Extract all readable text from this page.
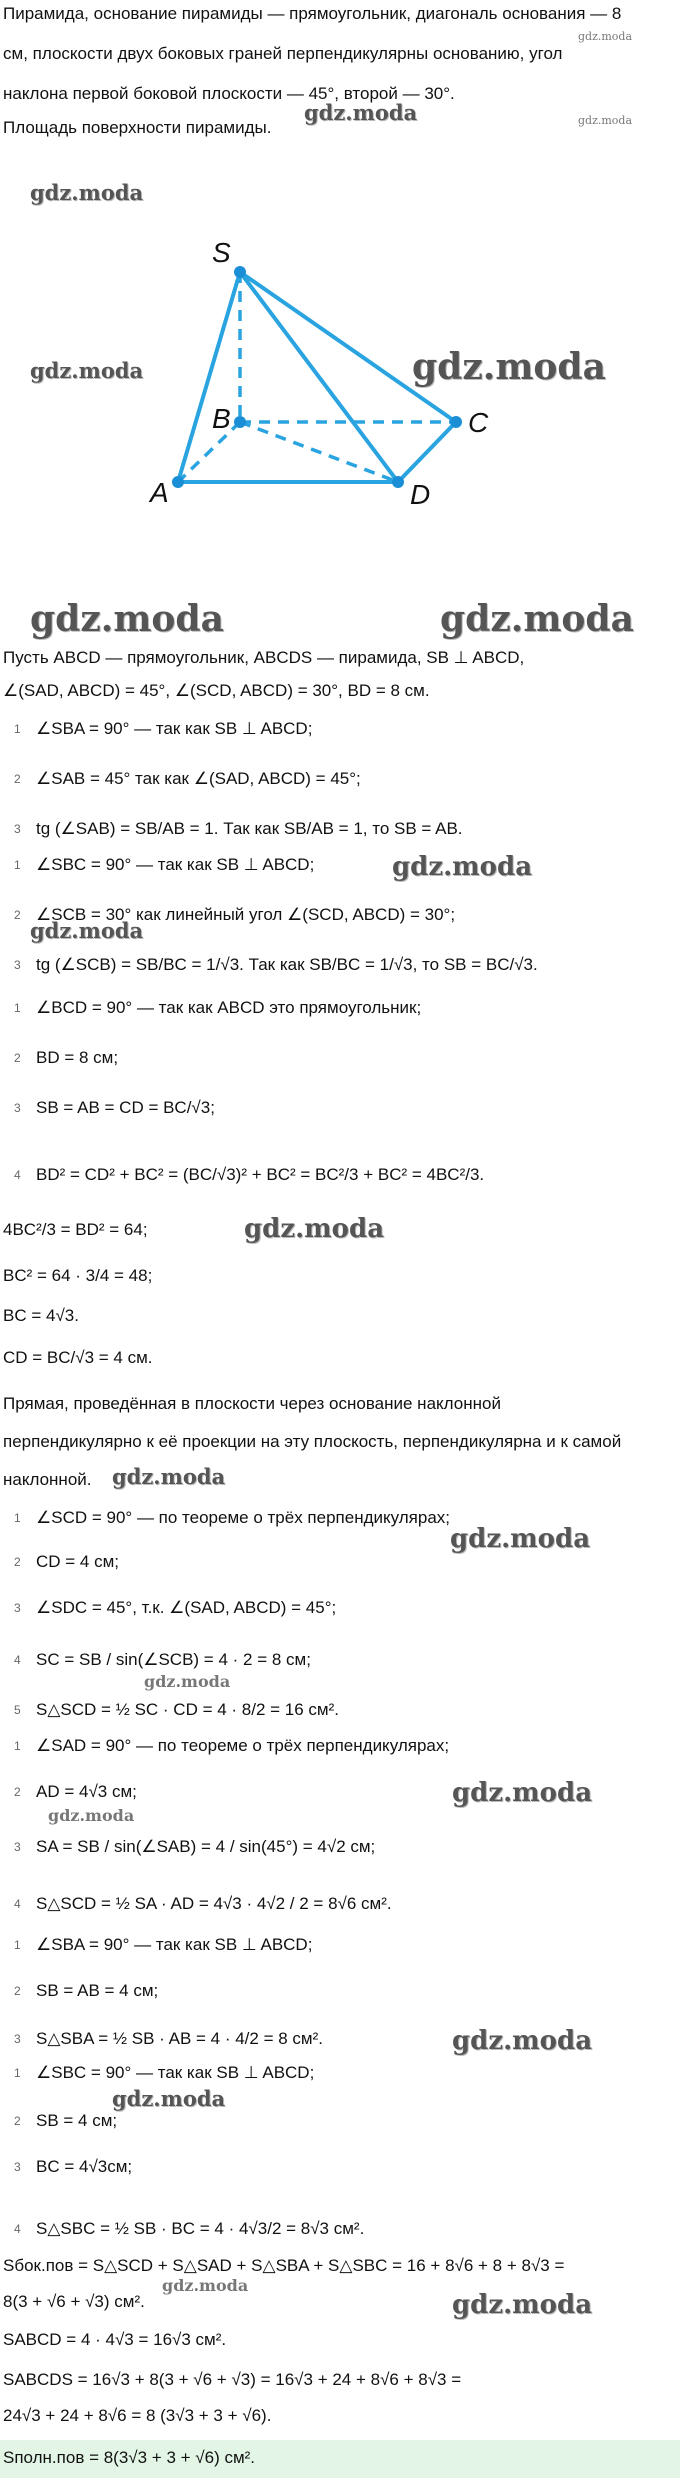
Пирамида, основание пирамиды — прямоугольник, диагональ основания — 8
см, плоскости двух боковых граней перпендикулярны основанию, угол
наклона первой боковой плоскости — 45°, второй — 30°.
Площадь поверхности пирамиды.
gdz.moda
gdz.moda	gdz.moda
gdz.moda
gdz.moda	gdz.moda
gdz.moda	gdz.moda
S
B	C
A	D
Пусть ABCD — прямоугольник, ABCDS — пирамида, SB ⊥ ABCD,
∠(SAD, ABCD) = 45°, ∠(SCD, ABCD) = 30°, BD = 8 см.
1 ∠SBA = 90° — так как SB ⊥ ABCD;
2 ∠SAB = 45° так как ∠(SAD, ABCD) = 45°;
3 tg (∠SAB) = SB/AB = 1. Так как SB/AB = 1, то SB = AB.
1 ∠SBC = 90° — так как SB ⊥ ABCD;	gdz.moda
2 ∠SCB = 30° как линейный угол ∠(SCD, ABCD) = 30°;
gdz.moda
3 tg (∠SCB) = SB/BC = 1/√3. Так как SB/BC = 1/√3, то SB = BC/√3.
1 ∠BCD = 90° — так как ABCD это прямоугольник;
2 BD = 8 см;
3 SB = AB = CD = BC/√3;
4 BD² = CD² + BC² = (BC/√3)² + BC² = BC²/3 + BC² = 4BC²/3.
4BC²/3 = BD² = 64;	gdz.moda
BC² = 64 · 3/4 = 48;
BC = 4√3.
CD = BC/√3 = 4 см.
Прямая, проведённая в плоскости через основание наклонной
перпендикулярно к её проекции на эту плоскость, перпендикулярна и к самой
наклонной. gdz.moda
1 ∠SCD = 90° — по теореме о трёх перпендикулярах;
gdz.moda
2 CD = 4 см;
3 ∠SDC = 45°, т.к. ∠(SAD, ABCD) = 45°;
4 SC = SB / sin(∠SCB) = 4 · 2 = 8 см;
gdz.moda
5 S△SCD = ½ SC · CD = 4 · 8/2 = 16 см².
1 ∠SAD = 90° — по теореме о трёх перпендикулярах;
2 AD = 4√3 см;	gdz.moda
gdz.moda
3 SA = SB / sin(∠SAB) = 4 / sin(45°) = 4√2 см;
4 S△SCD = ½ SA · AD = 4√3 · 4√2 / 2 = 8√6 см².
1 ∠SBA = 90° — так как SB ⊥ ABCD;
2 SB = AB = 4 см;
3 S△SBA = ½ SB · AB = 4 · 4/2 = 8 см².	gdz.moda
1 ∠SBC = 90° — так как SB ⊥ ABCD;
2 SB = 4 см;
gdz.moda
3 BC = 4√3см;
4 S△SBC = ½ SB · BC = 4 · 4√3/2 = 8√3 см².
Sбок.пов = S△SCD + S△SAD + S△SBA + S△SBC = 16 + 8√6 + 8 + 8√3 =
gdz.moda
8(3 + √6 + √3) см².	gdz.moda
SABCD = 4 · 4√3 = 16√3 см².
SABCDS = 16√3 + 8(3 + √6 + √3) = 16√3 + 24 + 8√6 + 8√3 =
24√3 + 24 + 8√6 = 8 (3√3 + 3 + √6).
Sполн.пов = 8(3√3 + 3 + √6) см².
